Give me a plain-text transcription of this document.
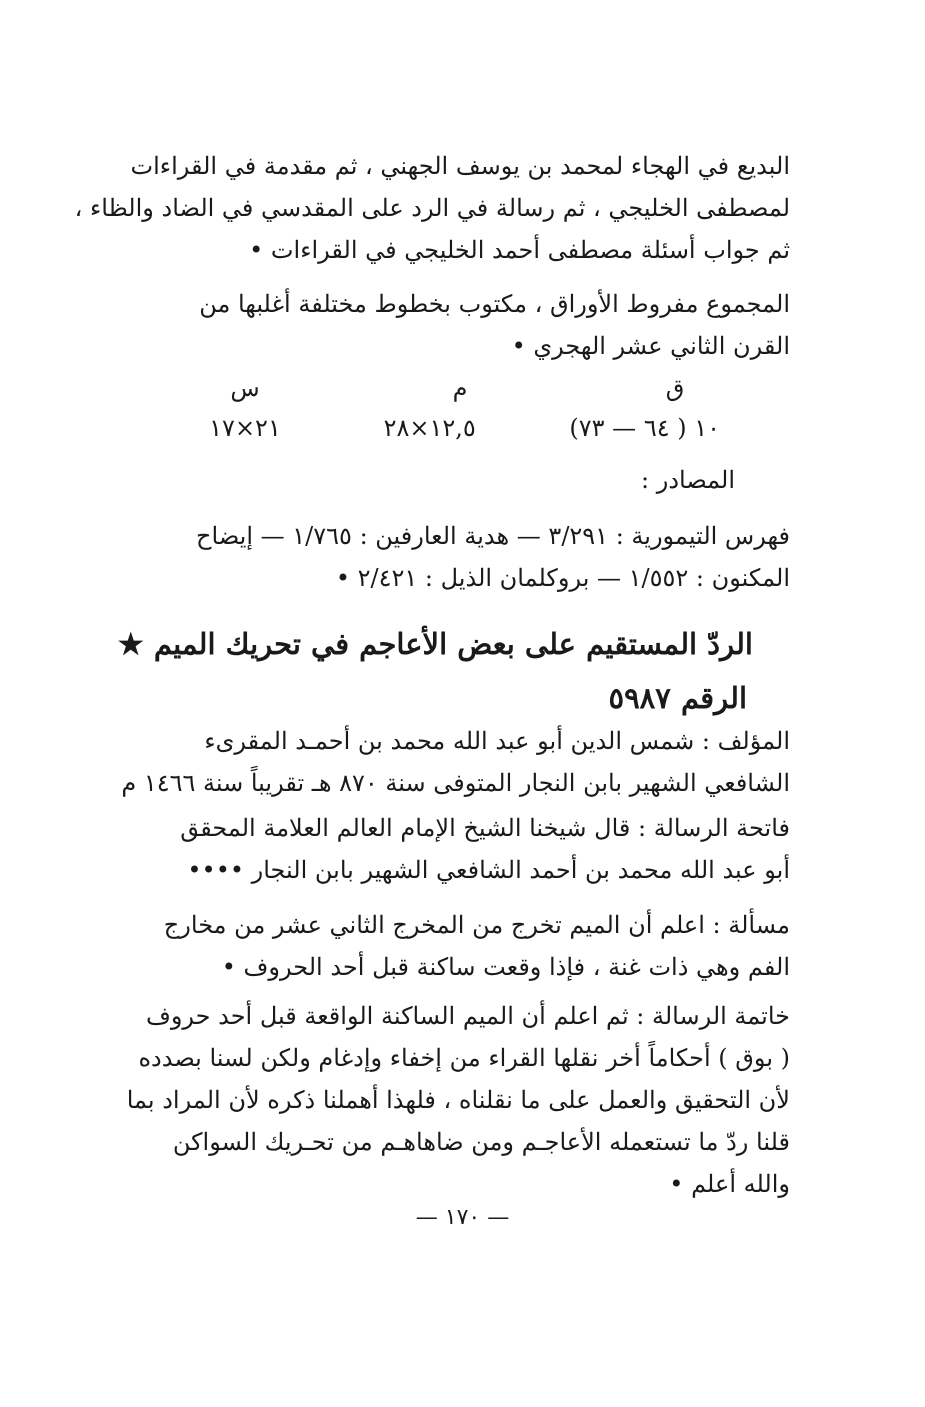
البديع في الهجاء لمحمد بن يوسف الجهني ، ثم مقدمة في القراءات
لمصطفى الخليجي ، ثم رسالة في الرد على المقدسي في الضاد والظاء ،
ثم جواب أسئلة مصطفى أحمد الخليجي في القراءات •
المجموع مفروط الأوراق ، مكتوب بخطوط مختلفة أغلبها من
القرن الثاني عشر الهجري •
ق
م
س
١٠ ( ٦٤ — ٧٣)
١٢,٥×٢٨
٢١×١٧
المصادر :
فهرس التيمورية : ٣/٢٩١ — هدية العارفين : ١/٧٦٥ — إيضاح
المكنون : ١/٥٥٢ — بروكلمان الذيل : ٢/٤٢١ •
الردّ المستقيم على بعض الأعاجم في تحريك الميم ★
الرقم ٥٩٨٧
المؤلف : شمس الدين أبو عبد الله محمد بن أحمـد المقرىء
الشافعي الشهير بابن النجار المتوفى سنة ٨٧٠ هـ تقريباً سنة ١٤٦٦ م
فاتحة الرسالة : قال شيخنا الشيخ الإمام العالم العلامة المحقق
أبو عبد الله محمد بن أحمد الشافعي الشهير بابن النجار ••••
مسألة : اعلم أن الميم تخرج من المخرج الثاني عشر من مخارج
الفم وهي ذات غنة ، فإذا وقعت ساكنة قبل أحد الحروف •
خاتمة الرسالة : ثم اعلم أن الميم الساكنة الواقعة قبل أحد حروف
( بوق ) أحكاماً أخر نقلها القراء من إخفاء وإدغام ولكن لسنا بصدده
لأن التحقيق والعمل على ما نقلناه ، فلهذا أهملنا ذكره لأن المراد بما
قلنا ردّ ما تستعمله الأعاجـم ومن ضاهاهـم من تحـريك السواكن
والله أعلم •
— ١٧٠ —
